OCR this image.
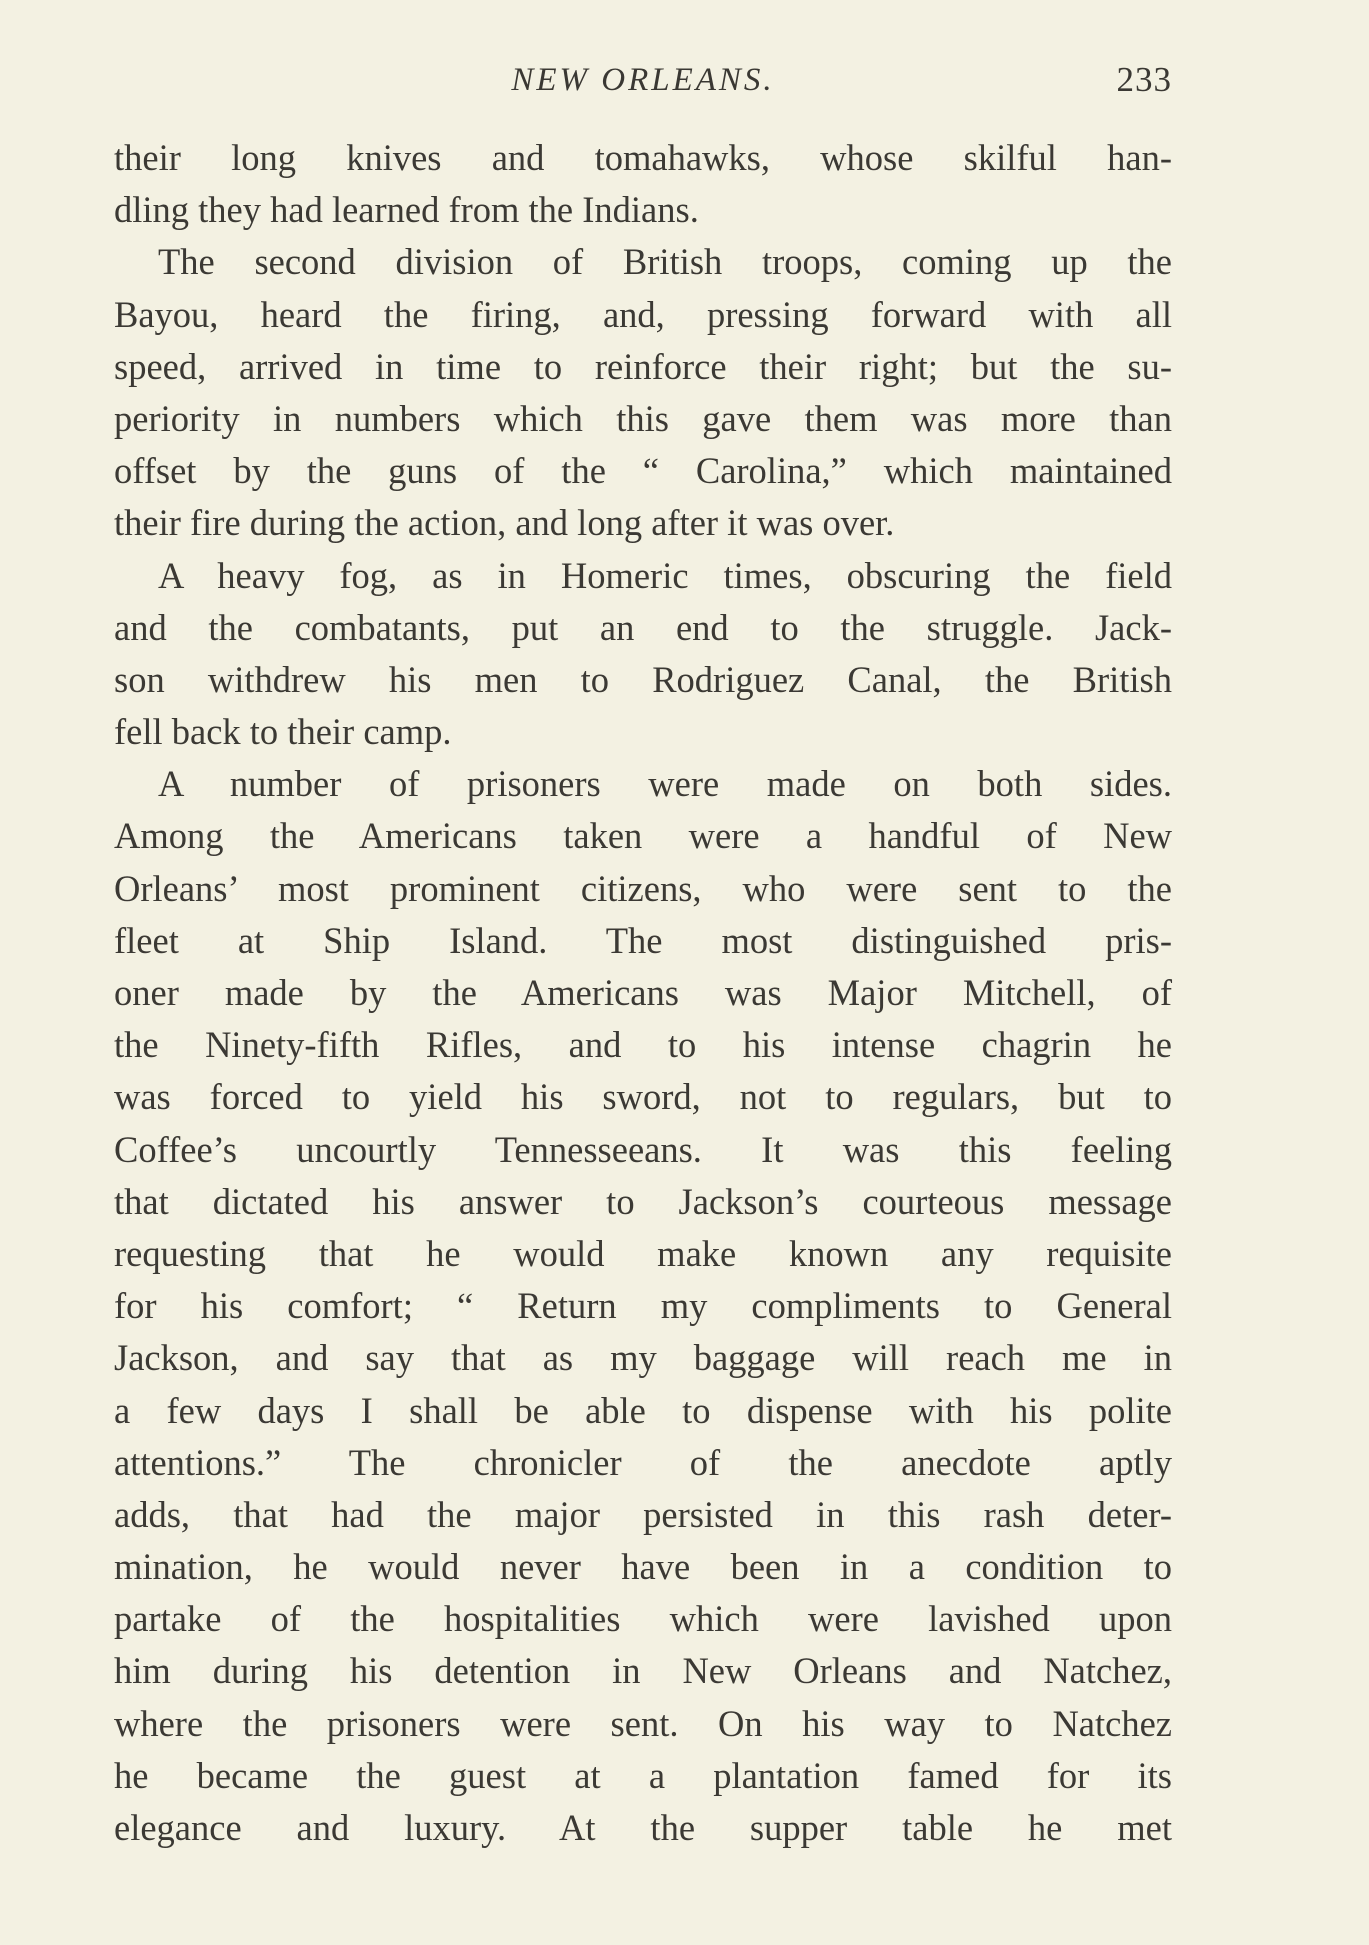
NEW ORLEANS.	233
their long knives and tomahawks, whose skilful han-
dling they had learned from the Indians.
The second division of British troops, coming up the
Bayou, heard the firing, and, pressing forward with all
speed, arrived in time to reinforce their right; but the su-
periority in numbers which this gave them was more than
offset by the guns of the “ Carolina,” which maintained
their fire during the action, and long after it was over.
A heavy fog, as in Homeric times, obscuring the field
and the combatants, put an end to the struggle. Jack-
son withdrew his men to Rodriguez Canal, the British
fell back to their camp.
A number of prisoners were made on both sides.
Among the Americans taken were a handful of New
Orleans’ most prominent citizens, who were sent to the
fleet at Ship Island. The most distinguished pris-
oner made by the Americans was Major Mitchell, of
the Ninety-fifth Rifles, and to his intense chagrin he
was forced to yield his sword, not to regulars, but to
Coffee’s uncourtly Tennesseeans. It was this feeling
that dictated his answer to Jackson’s courteous message
requesting that he would make known any requisite
for his comfort; “ Return my compliments to General
Jackson, and say that as my baggage will reach me in
a few days I shall be able to dispense with his polite
attentions.” The chronicler of the anecdote aptly
adds, that had the major persisted in this rash deter-
mination, he would never have been in a condition to
partake of the hospitalities which were lavished upon
him during his detention in New Orleans and Natchez,
where the prisoners were sent. On his way to Natchez
he became the guest at a plantation famed for its
elegance and luxury. At the supper table he met
